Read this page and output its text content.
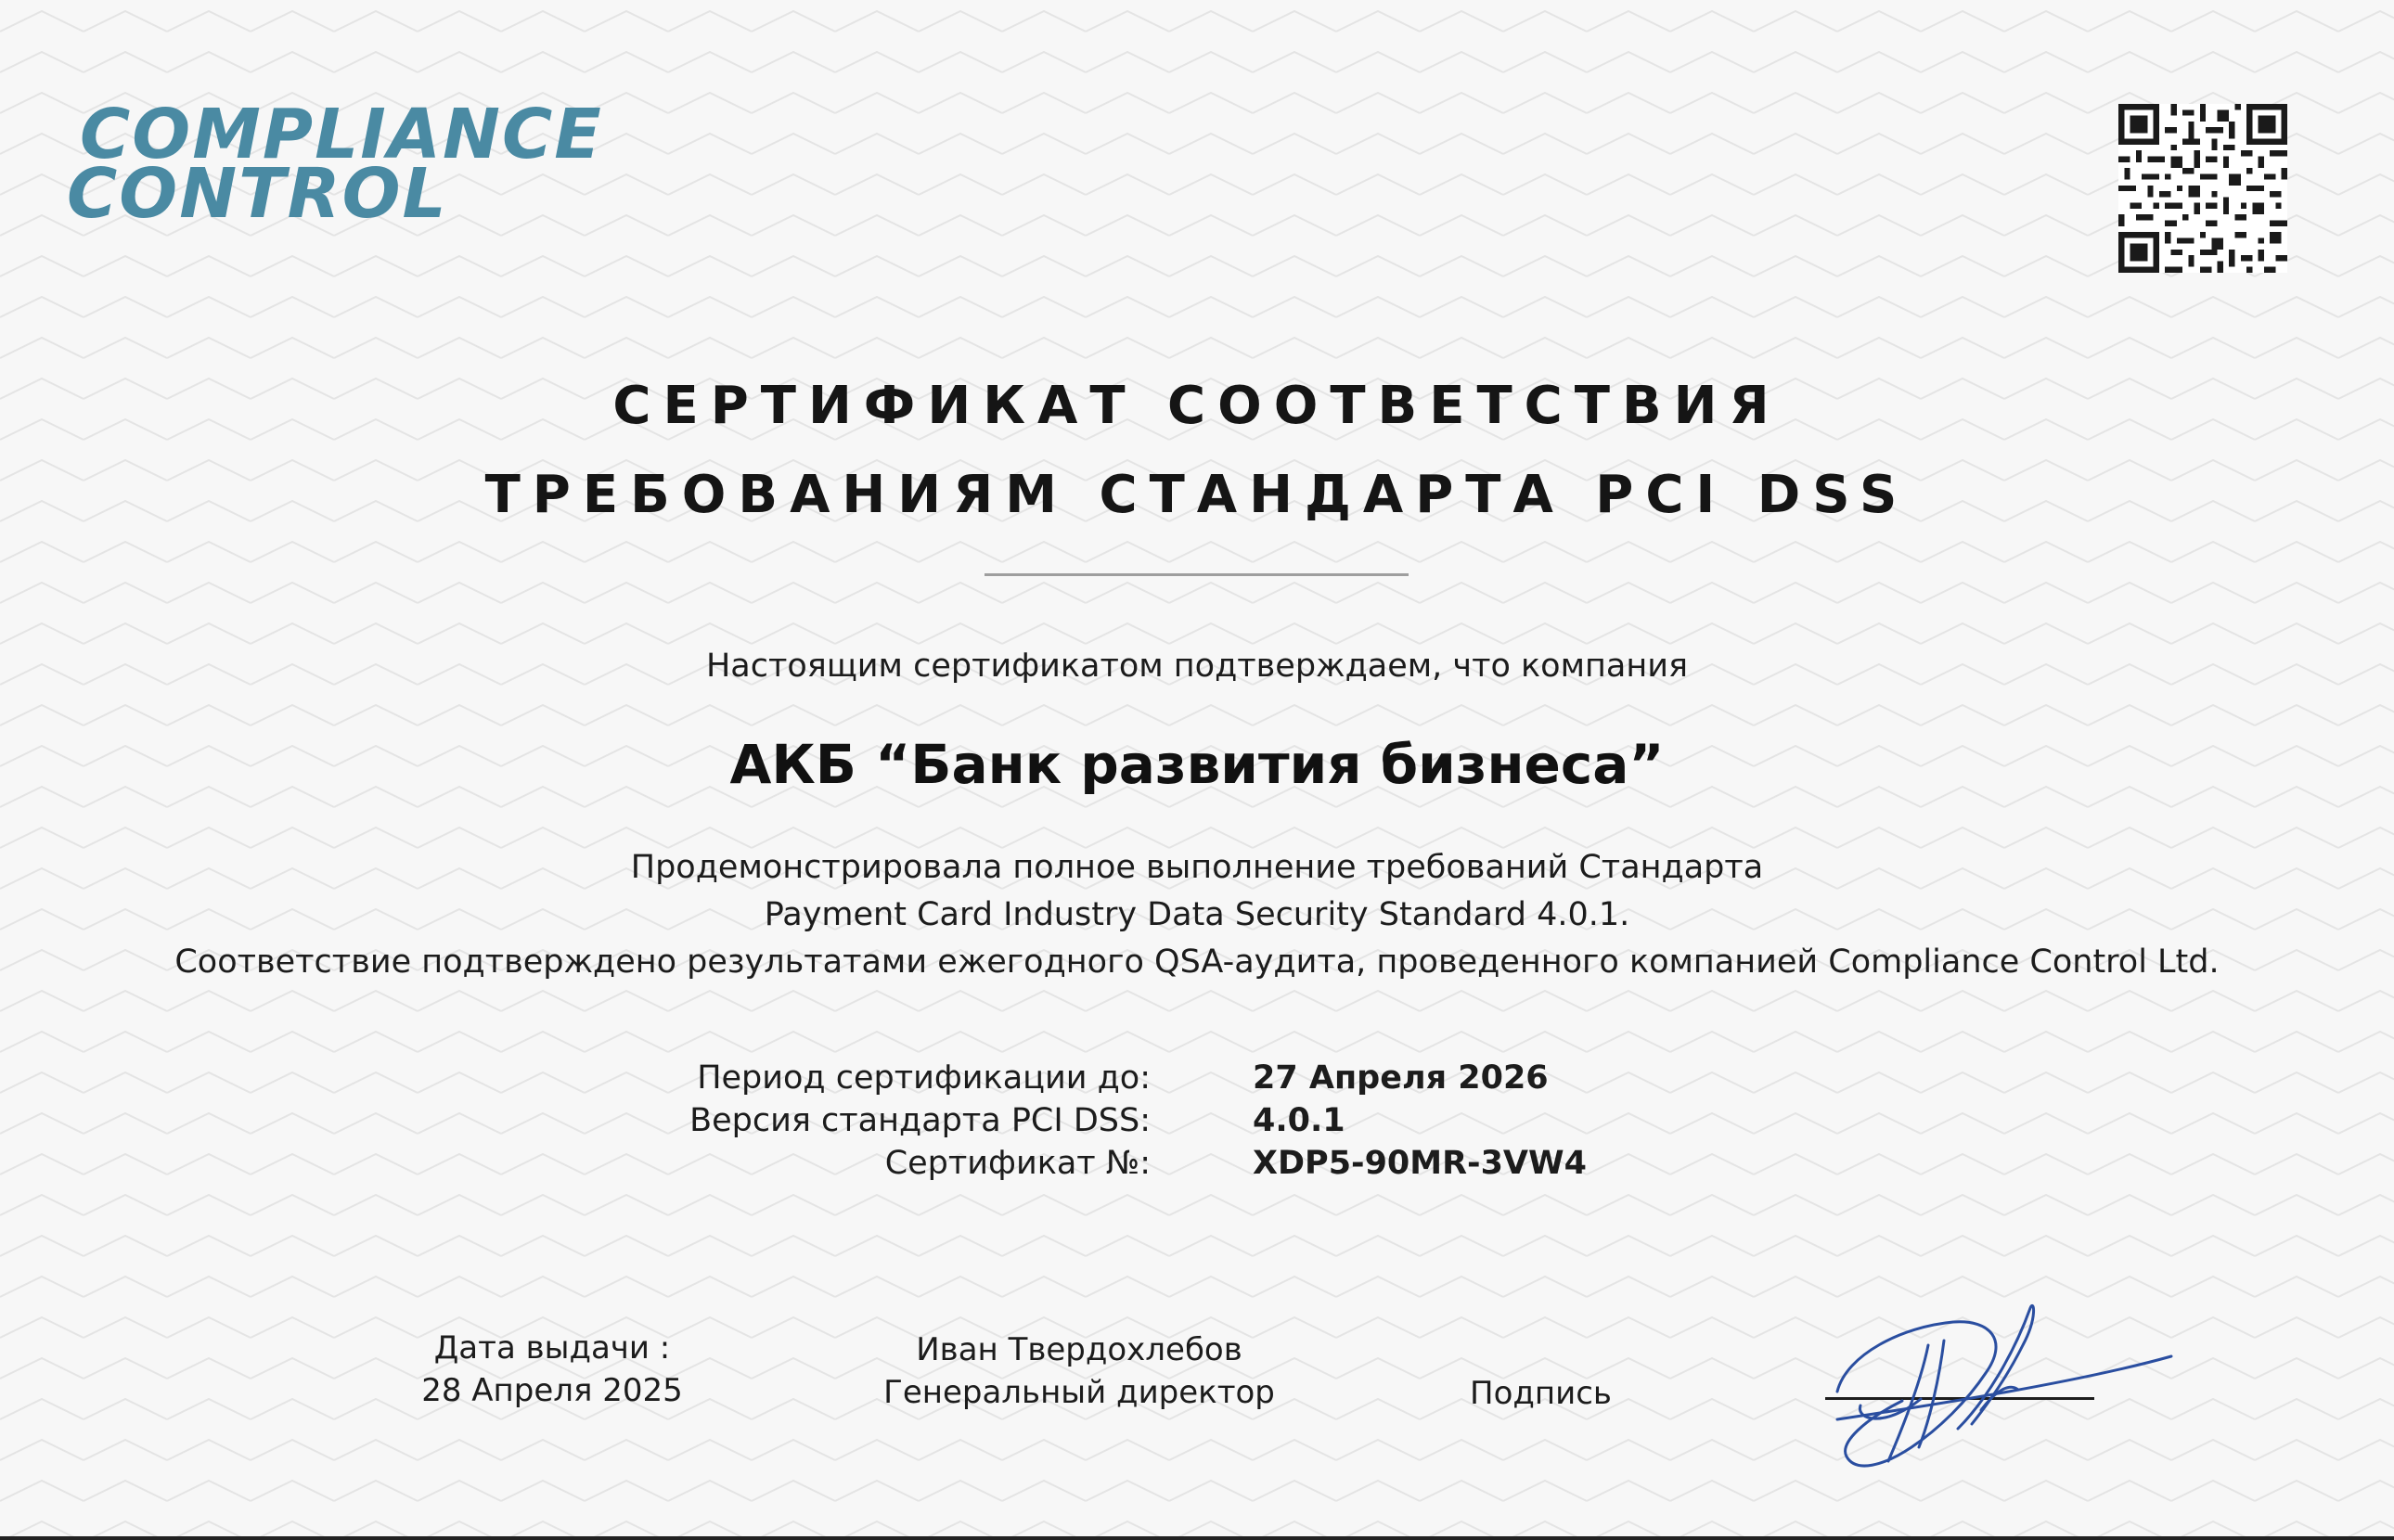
COMPLIANCE
CONTROL
СЕРТИФИКАТ СООТВЕТСТВИЯ
ТРЕБОВАНИЯМ СТАНДАРТА PCI DSS
Настоящим сертификатом подтверждаем, что компания
АКБ “Банк развития бизнеса”
Продемонстрировала полное выполнение требований Стандарта
Payment Card Industry Data Security Standard 4.0.1.
Соответствие подтверждено результатами ежегодного QSA-аудита, проведенного компанией Compliance Control Ltd.
Период сертификации до:	27 Апреля 2026
Версия стандарта PCI DSS:	4.0.1
Сертификат №:	XDP5-90MR-3VW4
Дата выдачи :
28 Апреля 2025
Иван Твердохлебов
Генеральный директор	Подпись
